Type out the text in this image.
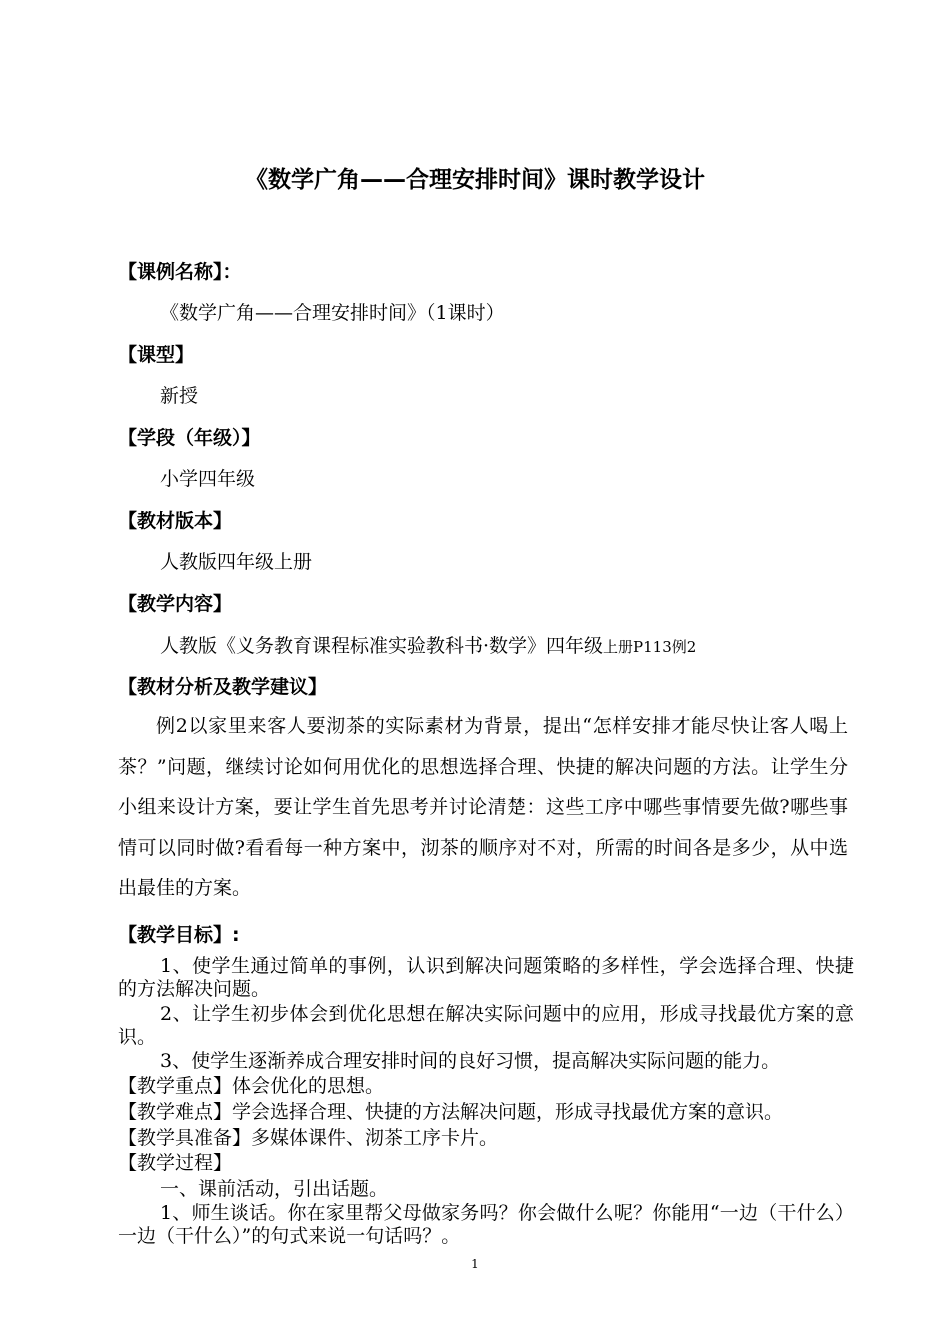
《数学广角——合理安排时间》课时教学设计

【课例名称】：

《数学广角——合理安排时间》（1课时）

【课型】

新授

【学段（年级）】

小学四年级

【教材版本】

人教版四年级上册

【教学内容】

人教版《义务教育课程标准实验教科书·数学》四年级上册P113例2

【教材分析及教学建议】

例2以家里来客人要沏茶的实际素材为背景，提出“怎样安排才能尽快让客人喝上茶？”问题，继续讨论如何用优化的思想选择合理、快捷的解决问题的方法。让学生分小组来设计方案，要让学生首先思考并讨论清楚：这些工序中哪些事情要先做?哪些事情可以同时做?看看每一种方案中，沏茶的顺序对不对，所需的时间各是多少，从中选出最佳的方案。

【教学目标】:

1、使学生通过简单的事例，认识到解决问题策略的多样性，学会选择合理、快捷的方法解决问题。

2、让学生初步体会到优化思想在解决实际问题中的应用，形成寻找最优方案的意识。

3、使学生逐渐养成合理安排时间的良好习惯，提高解决实际问题的能力。

【教学重点】体会优化的思想。

【教学难点】学会选择合理、快捷的方法解决问题，形成寻找最优方案的意识。

【教学具准备】多媒体课件、沏茶工序卡片。

【教学过程】

一、课前活动，引出话题。

1、师生谈话。你在家里帮父母做家务吗？你会做什么呢？你能用“一边（干什么）一边（干什么）”的句式来说一句话吗？。

1
